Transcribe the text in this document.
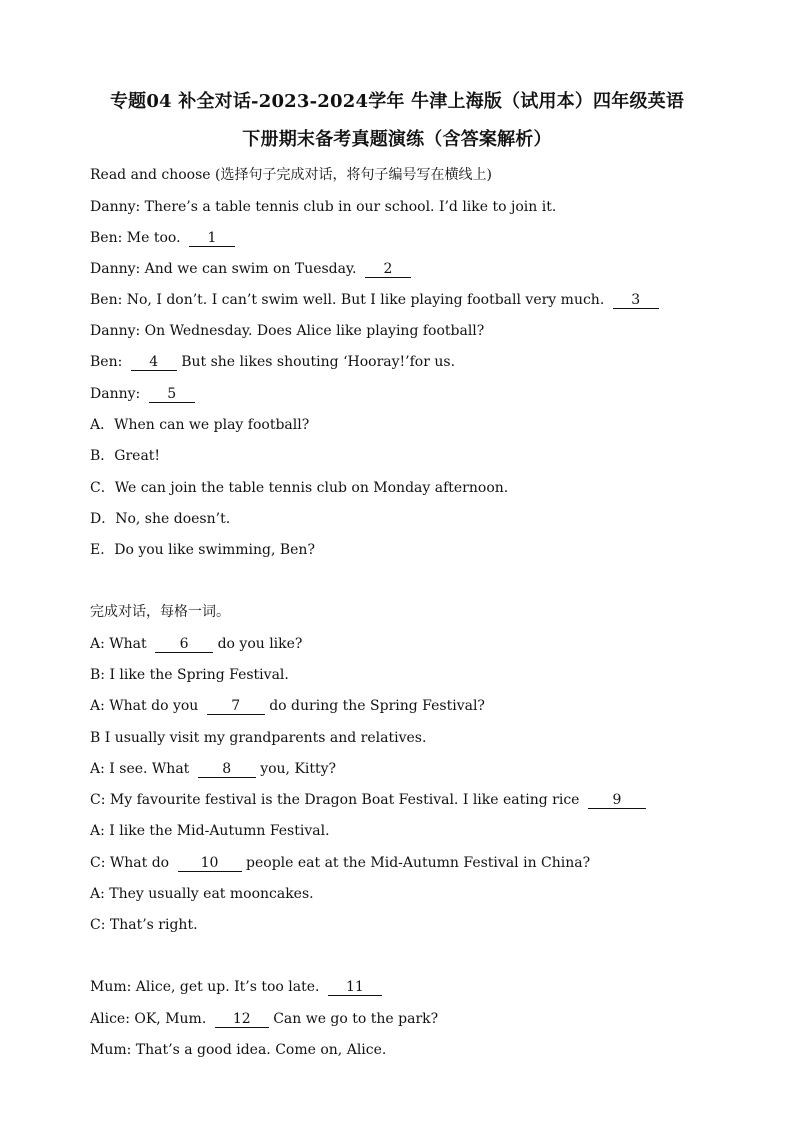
专题04 补全对话-2023-2024学年 牛津上海版（试用本）四年级英语
下册期末备考真题演练（含答案解析）
Read and choose (选择句子完成对话，将句子编号写在横线上)
Danny: There’s a table tennis club in our school. I’d like to join it.
Ben: Me too. 1
Danny: And we can swim on Tuesday. 2
Ben: No, I don’t. I can’t swim well. But I like playing football very much. 3
Danny: On Wednesday. Does Alice like playing football?
Ben: 4 But she likes shouting ‘Hooray!’for us.
Danny: 5
A．When can we play football?
B．Great!
C．We can join the table tennis club on Monday afternoon.
D．No, she doesn’t.
E．Do you like swimming, Ben?
完成对话，每格一词。
A: What 6 do you like?
B: I like the Spring Festival.
A: What do you 7 do during the Spring Festival?
B I usually visit my grandparents and relatives.
A: I see. What 8 you, Kitty?
C: My favourite festival is the Dragon Boat Festival. I like eating rice 9
A: I like the Mid-Autumn Festival.
C: What do 10 people eat at the Mid-Autumn Festival in China?
A: They usually eat mooncakes.
C: That’s right.
Mum: Alice, get up. It’s too late. 11
Alice: OK, Mum. 12 Can we go to the park?
Mum: That’s a good idea. Come on, Alice.
